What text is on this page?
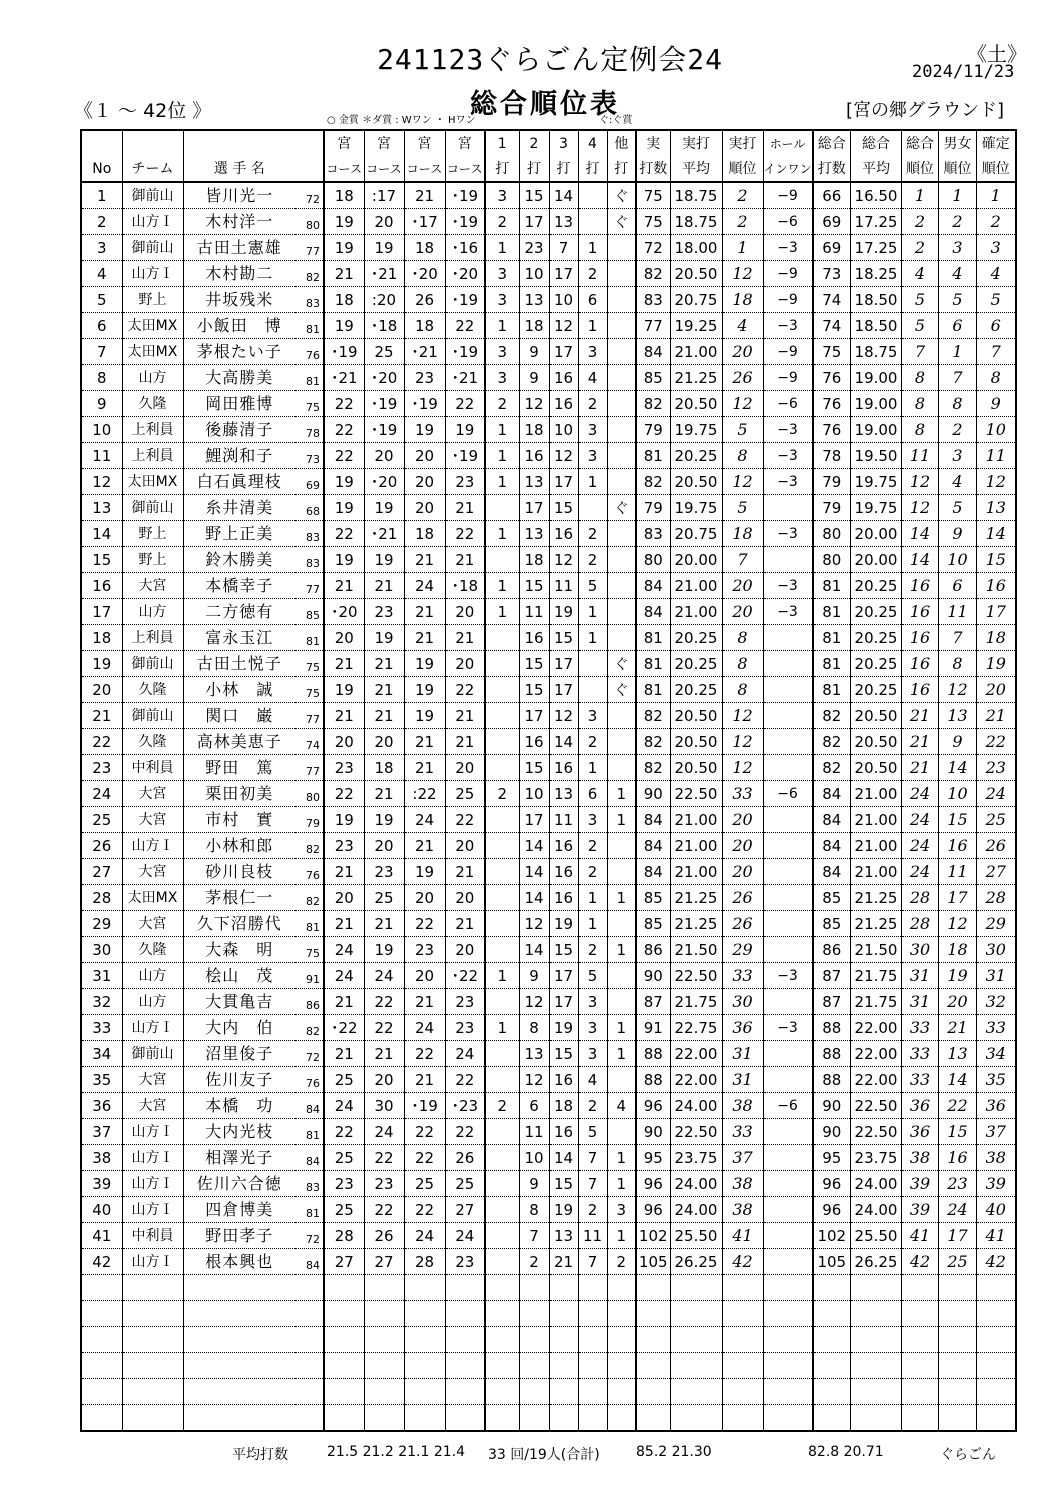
241123ぐらごん定例会24	《土》
2024/11/23
《１ ～ 42位 》	総合順位表	[宮の郷グラウンド]
○ 金賞 ＊ダ賞 : Wワン ・ Hワン	ぐ:ぐ賞
				宮	宮	宮	宮	1	2	3	4	他	実	実打	実打	ホール	総合	総合	総合	男女	確定
No	チーム	選 手 名		コース	コース	コース	コース	打	打	打	打	打	打数	平均	順位	インワン	打数	平均	順位	順位	順位
1	御前山	皆川光一	72	18	:17	21	･19	3	15	14		ぐ	75	18.75	2	−9	66	16.50	1	1	1
2	山方Ｉ	木村洋一	80	19	20	･17	･19	2	17	13		ぐ	75	18.75	2	−6	69	17.25	2	2	2
3	御前山	古田土憲雄	77	19	19	18	･16	1	23	7	1		72	18.00	1	−3	69	17.25	2	3	3
4	山方Ｉ	木村勘二	82	21	･21	･20	･20	3	10	17	2		82	20.50	12	−9	73	18.25	4	4	4
5	野上	井坂残米	83	18	:20	26	･19	3	13	10	6		83	20.75	18	−9	74	18.50	5	5	5
6	太田MX	小飯田　博	81	19	･18	18	22	1	18	12	1		77	19.25	4	−3	74	18.50	5	6	6
7	太田MX	茅根たい子	76	･19	25	･21	･19	3	9	17	3		84	21.00	20	−9	75	18.75	7	1	7
8	山方	大高勝美	81	･21	･20	23	･21	3	9	16	4		85	21.25	26	−9	76	19.00	8	7	8
9	久隆	岡田雅博	75	22	･19	･19	22	2	12	16	2		82	20.50	12	−6	76	19.00	8	8	9
10	上利員	後藤清子	78	22	･19	19	19	1	18	10	3		79	19.75	5	−3	76	19.00	8	2	10
11	上利員	鯉渕和子	73	22	20	20	･19	1	16	12	3		81	20.25	8	−3	78	19.50	11	3	11
12	太田MX	白石眞理枝	69	19	･20	20	23	1	13	17	1		82	20.50	12	−3	79	19.75	12	4	12
13	御前山	糸井清美	68	19	19	20	21		17	15		ぐ	79	19.75	5		79	19.75	12	5	13
14	野上	野上正美	83	22	･21	18	22	1	13	16	2		83	20.75	18	−3	80	20.00	14	9	14
15	野上	鈴木勝美	83	19	19	21	21		18	12	2		80	20.00	7		80	20.00	14	10	15
16	大宮	本橋幸子	77	21	21	24	･18	1	15	11	5		84	21.00	20	−3	81	20.25	16	6	16
17	山方	二方徳有	85	･20	23	21	20	1	11	19	1		84	21.00	20	−3	81	20.25	16	11	17
18	上利員	富永玉江	81	20	19	21	21		16	15	1		81	20.25	8		81	20.25	16	7	18
19	御前山	古田土悦子	75	21	21	19	20		15	17		ぐ	81	20.25	8		81	20.25	16	8	19
20	久隆	小林　誠	75	19	21	19	22		15	17		ぐ	81	20.25	8		81	20.25	16	12	20
21	御前山	関口　巌	77	21	21	19	21		17	12	3		82	20.50	12		82	20.50	21	13	21
22	久隆	高林美恵子	74	20	20	21	21		16	14	2		82	20.50	12		82	20.50	21	9	22
23	中利員	野田　篤	77	23	18	21	20		15	16	1		82	20.50	12		82	20.50	21	14	23
24	大宮	栗田初美	80	22	21	:22	25	2	10	13	6	1	90	22.50	33	−6	84	21.00	24	10	24
25	大宮	市村　實	79	19	19	24	22		17	11	3	1	84	21.00	20		84	21.00	24	15	25
26	山方Ｉ	小林和郎	82	23	20	21	20		14	16	2		84	21.00	20		84	21.00	24	16	26
27	大宮	砂川良枝	76	21	23	19	21		14	16	2		84	21.00	20		84	21.00	24	11	27
28	太田MX	茅根仁一	82	20	25	20	20		14	16	1	1	85	21.25	26		85	21.25	28	17	28
29	大宮	久下沼勝代	81	21	21	22	21		12	19	1		85	21.25	26		85	21.25	28	12	29
30	久隆	大森　明	75	24	19	23	20		14	15	2	1	86	21.50	29		86	21.50	30	18	30
31	山方	桧山　茂	91	24	24	20	･22	1	9	17	5		90	22.50	33	−3	87	21.75	31	19	31
32	山方	大貫亀吉	86	21	22	21	23		12	17	3		87	21.75	30		87	21.75	31	20	32
33	山方Ｉ	大内　伯	82	･22	22	24	23	1	8	19	3	1	91	22.75	36	−3	88	22.00	33	21	33
34	御前山	沼里俊子	72	21	21	22	24		13	15	3	1	88	22.00	31		88	22.00	33	13	34
35	大宮	佐川友子	76	25	20	21	22		12	16	4		88	22.00	31		88	22.00	33	14	35
36	大宮	本橋　功	84	24	30	･19	･23	2	6	18	2	4	96	24.00	38	−6	90	22.50	36	22	36
37	山方Ｉ	大内光枝	81	22	24	22	22		11	16	5		90	22.50	33		90	22.50	36	15	37
38	山方Ｉ	相澤光子	84	25	22	22	26		10	14	7	1	95	23.75	37		95	23.75	38	16	38
39	山方Ｉ	佐川六合徳	83	23	23	25	25		9	15	7	1	96	24.00	38		96	24.00	39	23	39
40	山方Ｉ	四倉博美	81	25	22	22	27		8	19	2	3	96	24.00	38		96	24.00	39	24	40
41	中利員	野田孝子	72	28	26	24	24		7	13	11	1	102	25.50	41		102	25.50	41	17	41
42	山方Ｉ	根本興也	84	27	27	28	23		2	21	7	2	105	26.25	42		105	26.25	42	25	42

平均打数	21.5 21.2 21.1 21.4 33 回/19人(合計)	85.2 21.30	82.8 20.71	ぐらごん
